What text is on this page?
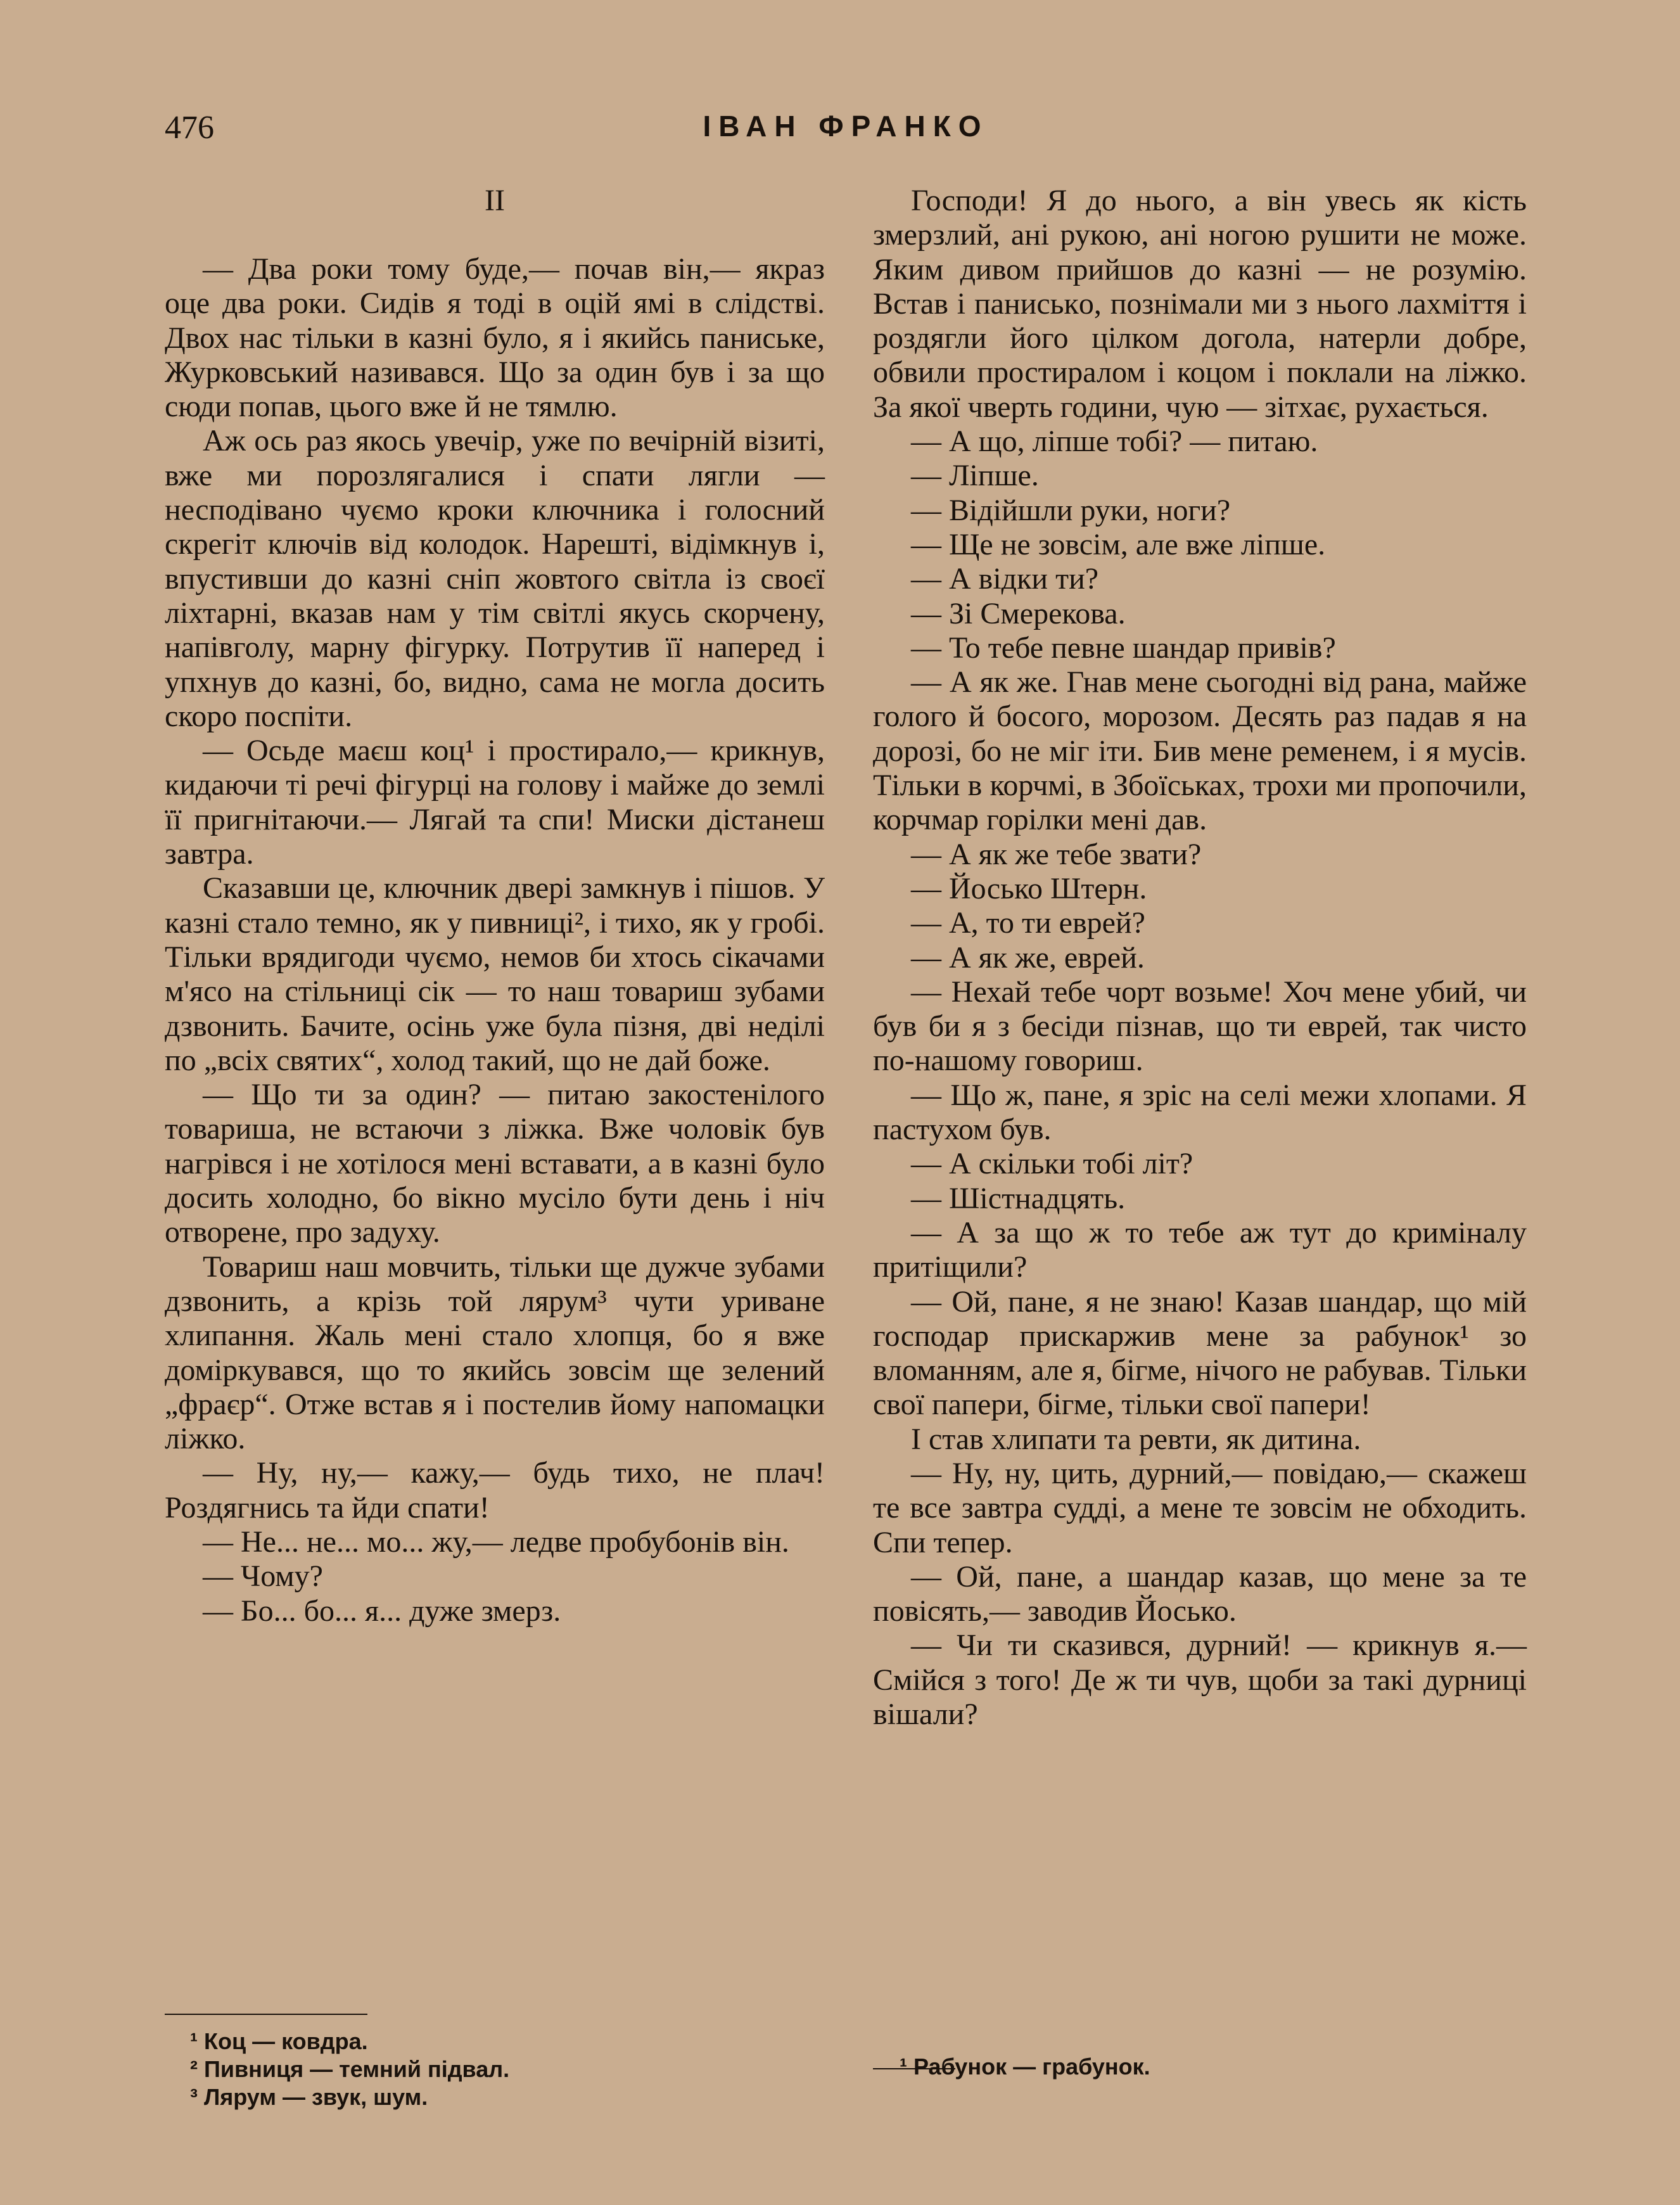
476	ІВАН ФРАНКО
II

— Два роки тому буде,— почав він,— якраз оце два роки. Сидів я тоді в оцій ямі в слідстві. Двох нас тільки в казні було, я і якийсь паниське, Журковський називався. Що за один був і за що сюди попав, цього вже й не тямлю.

Аж ось раз якось увечір, уже по вечірній візиті, вже ми порозлягалися і спати лягли — несподівано чуємо кроки ключника і голосний скрегіт ключів від колодок. Нарешті, відімкнув і, впустивши до казні сніп жовтого світла із своєї ліхтарні, вказав нам у тім світлі якусь скорчену, напівголу, марну фігурку. Потрутив її наперед і упхнув до казні, бо, видно, сама не могла досить скоро поспіти.

— Осьде маєш коц¹ і простирало,— крикнув, кидаючи ті речі фігурці на голову і майже до землі її пригнітаючи.— Лягай та спи! Миски дістанеш завтра.

Сказавши це, ключник двері замкнув і пішов. У казні стало темно, як у пивниці², і тихо, як у гробі. Тільки врядигоди чуємо, немов би хтось сікачами м'ясо на стільниці сік — то наш товариш зубами дзвонить. Бачите, осінь уже була пізня, дві неділі по „всіх святих“, холод такий, що не дай боже.

— Що ти за один? — питаю закостенілого товариша, не встаючи з ліжка. Вже чоловік був нагрівся і не хотілося мені вставати, а в казні було досить холодно, бо вікно мусіло бути день і ніч отворене, про задуху.

Товариш наш мовчить, тільки ще дужче зубами дзвонить, а крізь той лярум³ чути уриване хлипання. Жаль мені стало хлопця, бо я вже доміркувався, що то якийсь зовсім ще зелений „фраєр“. Отже встав я і постелив йому напомацки ліжко.

— Ну, ну,— кажу,— будь тихо, не плач! Роздягнись та йди спати!

— Не... не... мо... жу,— ледве пробубонів він.

— Чому?

— Бо... бо... я... дуже змерз.

Господи! Я до нього, а він увесь як кість змерзлий, ані рукою, ані ногою рушити не може. Яким дивом прийшов до казні — не розумію. Встав і паниськo, познімали ми з нього лахміття і роздягли його цілком догола, натерли добре, обвили простиралом і коцом і поклали на ліжко. За якої чверть години, чую — зітхає, рухається.

— А що, ліпше тобі? — питаю.

— Ліпше.

— Відійшли руки, ноги?

— Ще не зовсім, але вже ліпше.

— А відки ти?

— Зі Смерекова.

— То тебе певне шандар привів?

— А як же. Гнав мене сьогодні від рана, майже голого й босого, морозом. Десять раз падав я на дорозі, бо не міг іти. Бив мене ременем, і я мусів. Тільки в корчмі, в Збоїськах, трохи ми пропочили, корчмар горілки мені дав.

— А як же тебе звати?

— Йосько Штерн.

— А, то ти еврей?

— А як же, еврей.

— Нехай тебе чорт возьме! Хоч мене убий, чи був би я з бесіди пізнав, що ти еврей, так чисто по-нашому говориш.

— Що ж, пане, я зріс на селі межи хлопами. Я пастухом був.

— А скільки тобі літ?

— Шістнадцять.

— А за що ж то тебе аж тут до криміналу притіщили?

— Ой, пане, я не знаю! Казав шандар, що мій господар прискаржив мене за рабунок¹ зо вломанням, але я, бігме, нічого не рабував. Тільки свої папери, бігме, тільки свої папери!

І став хлипати та ревти, як дитина.

— Ну, ну, цить, дурний,— повідаю,— скажеш те все завтра судді, а мене те зовсім не обходить. Спи тепер.

— Ой, пане, а шандар казав, що мене за те повісять,— заводив Йосько.

— Чи ти сказився, дурний! — крикнув я.— Смійся з того! Де ж ти чув, щоби за такі дурниці вішали?

¹ Коц — ковдра.

² Пивниця — темний підвал.

³ Лярум — звук, шум.

¹ Рабунок — грабунок.
